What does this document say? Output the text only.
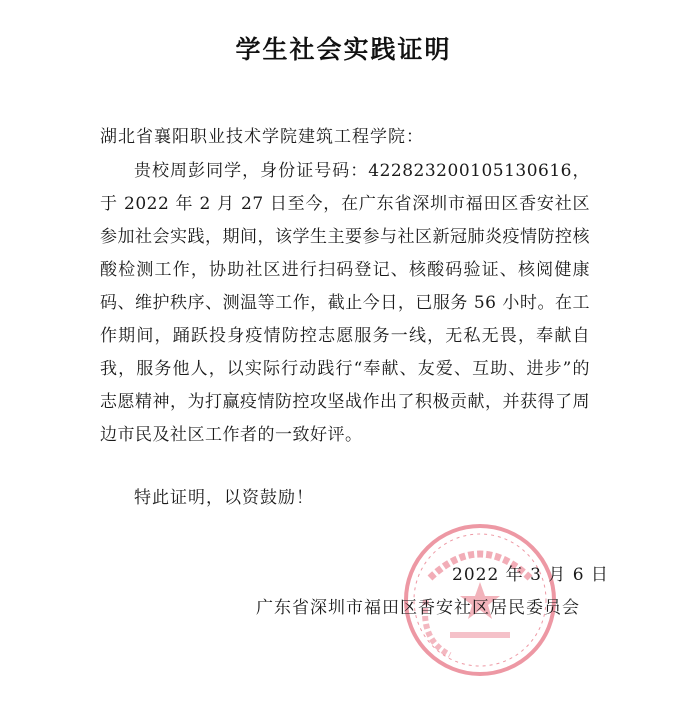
学生社会实践证明
湖北省襄阳职业技术学院建筑工程学院：

贵校周彭同学，身份证号码：422823200105130616，于 2022 年 2 月 27 日至今，在广东省深圳市福田区香安社区参加社会实践，期间，该学生主要参与社区新冠肺炎疫情防控核酸检测工作，协助社区进行扫码登记、核酸码验证、核阅健康码、维护秩序、测温等工作，截止今日，已服务 56 小时。在工作期间，踊跃投身疫情防控志愿服务一线，无私无畏，奉献自我，服务他人，以实际行动践行“奉献、友爱、互助、进步”的志愿精神，为打赢疫情防控攻坚战作出了积极贡献，并获得了周边市民及社区工作者的一致好评。

特此证明，以资鼓励！
2022 年 3 月 6 日
广东省深圳市福田区香安社区居民委员会
